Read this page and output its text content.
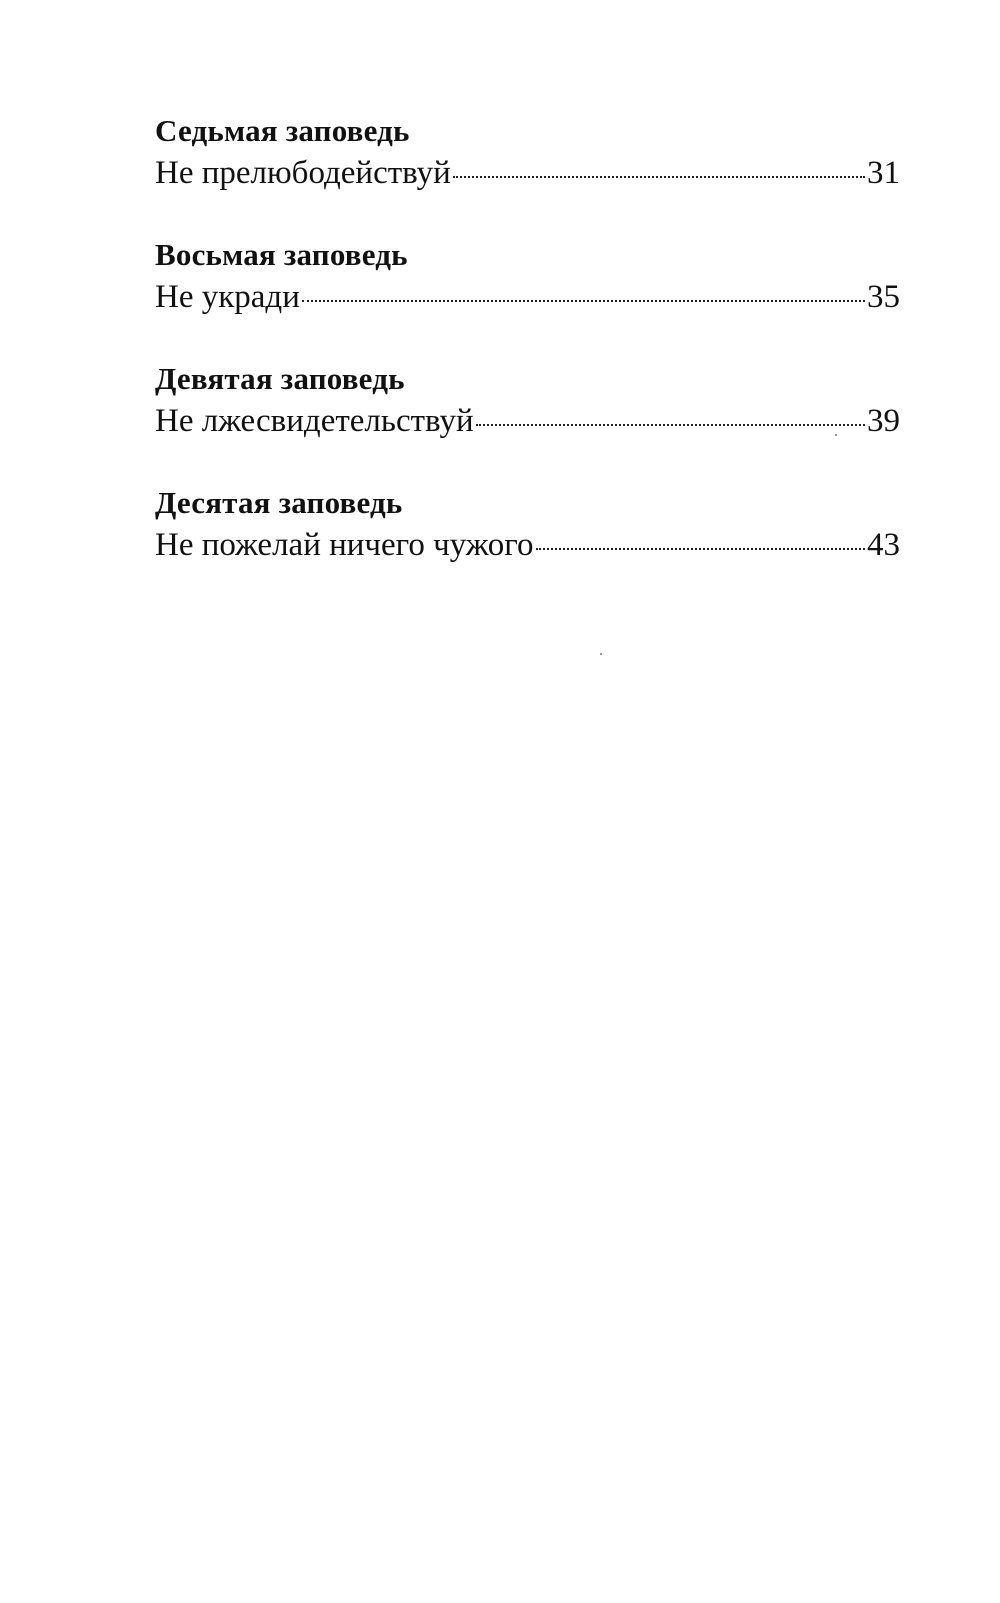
Седьмая заповедь
Не прелюбодействуй	31
Восьмая заповедь
Не укради	35
Девятая заповедь
Не лжесвидетельствуй	39
Десятая заповедь
Не пожелай ничего чужого	43
